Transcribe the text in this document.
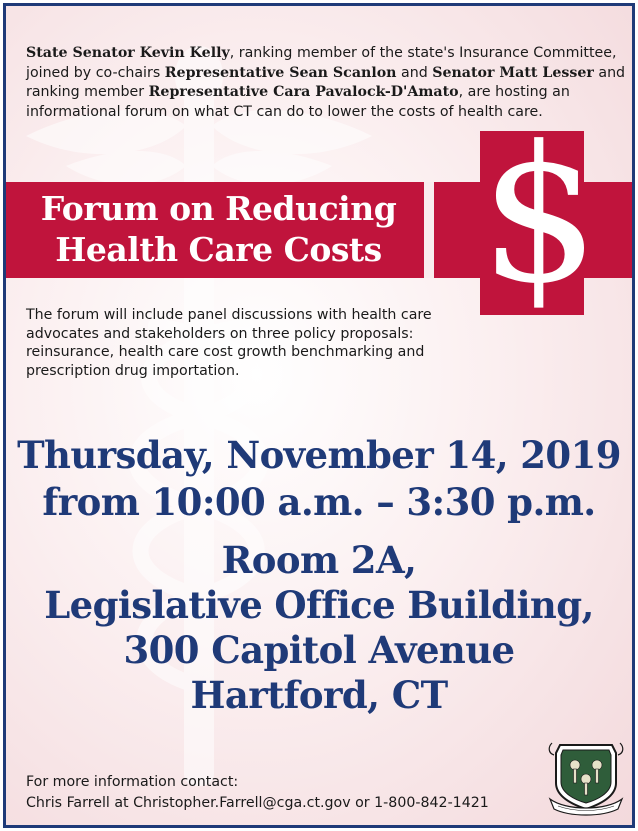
State Senator Kevin Kelly, ranking member of the state's Insurance Committee, joined by co-chairs Representative Sean Scanlon and Senator Matt Lesser and ranking member Representative Cara Pavalock-D'Amato, are hosting an informational forum on what CT can do to lower the costs of health care.
$
Forum on Reducing
Health Care Costs
The forum will include panel discussions with health care advocates and stakeholders on three policy proposals: reinsurance, health care cost growth benchmarking and prescription drug importation.
Thursday, November 14, 2019
from 10:00 a.m. – 3:30 p.m.
Room 2A,
Legislative Office Building,
300 Capitol Avenue
Hartford, CT
For more information contact:
Chris Farrell at Christopher.Farrell@cga.ct.gov or 1-800-842-1421
